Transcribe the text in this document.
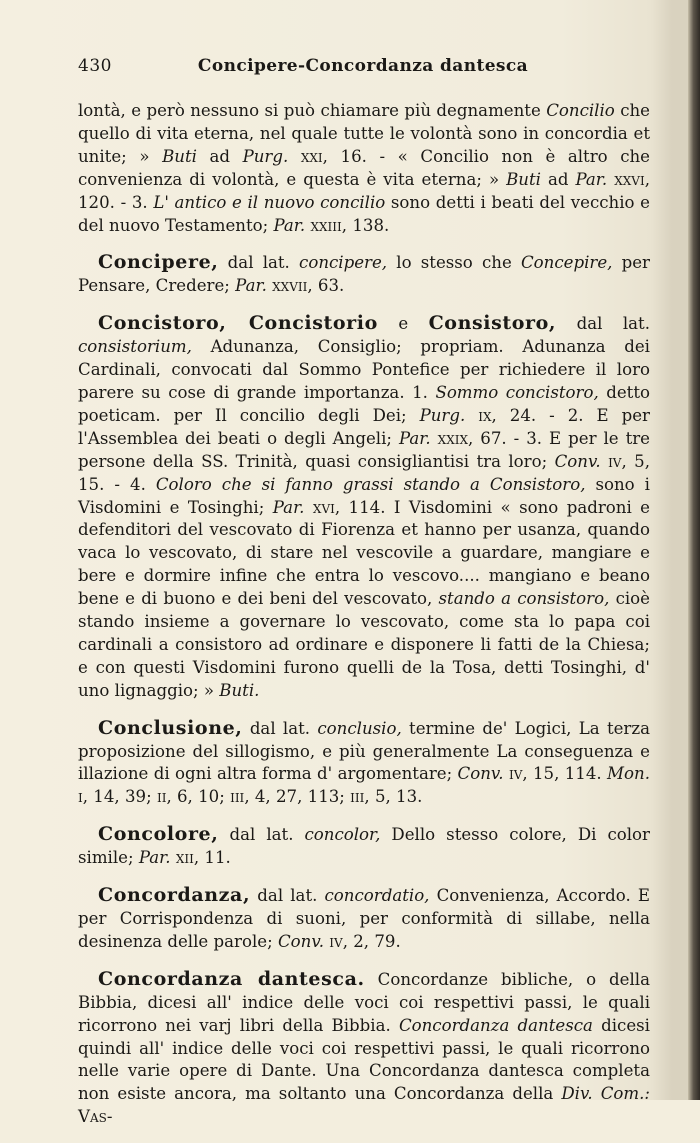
430	Concipere-Concordanza dantesca

lontà, e però nessuno si può chiamare più degnamente Concilio che quello di vita eterna, nel quale tutte le volontà sono in concordia et unite; » Buti ad Purg. xxi, 16. - « Concilio non è altro che convenienza di volontà, e questa è vita eterna; » Buti ad Par. xxvi, 120. - 3. L' antico e il nuovo concilio sono detti i beati del vecchio e del nuovo Testamento; Par. xxiii, 138.

Concipere, dal lat. concipere, lo stesso che Concepire, per Pensare, Credere; Par. xxvii, 63.

Concistoro, Concistorio e Consistoro, dal lat. consistorium, Adunanza, Consiglio; propriam. Adunanza dei Cardinali, convocati dal Sommo Pontefice per richiedere il loro parere su cose di grande importanza. 1. Sommo concistoro, detto poeticam. per Il concilio degli Dei; Purg. ix, 24. - 2. E per l'Assemblea dei beati o degli Angeli; Par. xxix, 67. - 3. E per le tre persone della SS. Trinità, quasi consigliantisi tra loro; Conv. iv, 5, 15. - 4. Coloro che si fanno grassi stando a Consistoro, sono i Visdomini e Tosinghi; Par. xvi, 114. I Visdomini « sono padroni e defenditori del vescovato di Fiorenza et hanno per usanza, quando vaca lo vescovato, di stare nel vescovile a guardare, mangiare e bere e dormire infine che entra lo vescovo.... mangiano e beano bene e di buono e dei beni del vescovato, stando a consistoro, cioè stando insieme a governare lo vescovato, come sta lo papa coi cardinali a consistoro ad ordinare e disponere li fatti de la Chiesa; e con questi Visdomini furono quelli de la Tosa, detti Tosinghi, d' uno lignaggio; » Buti.

Conclusione, dal lat. conclusio, termine de' Logici, La terza proposizione del sillogismo, e più generalmente La conseguenza e illazione di ogni altra forma d' argomentare; Conv. iv, 15, 114. Mon. i, 14, 39; ii, 6, 10; iii, 4, 27, 113; iii, 5, 13.

Concolore, dal lat. concolor, Dello stesso colore, Di color simile; Par. xii, 11.

Concordanza, dal lat. concordatio, Convenienza, Accordo. E per Corrispondenza di suoni, per conformità di sillabe, nella desinenza delle parole; Conv. iv, 2, 79.

Concordanza dantesca. Concordanze bibliche, o della Bibbia, dicesi all' indice delle voci coi respettivi passi, le quali ricorrono nei varj libri della Bibbia. Concordanza dantesca dicesi quindi all' indice delle voci coi respettivi passi, le quali ricorrono nelle varie opere di Dante. Una Concordanza dantesca completa non esiste ancora, ma soltanto una Concordanza della Div. Com.: Vas-
